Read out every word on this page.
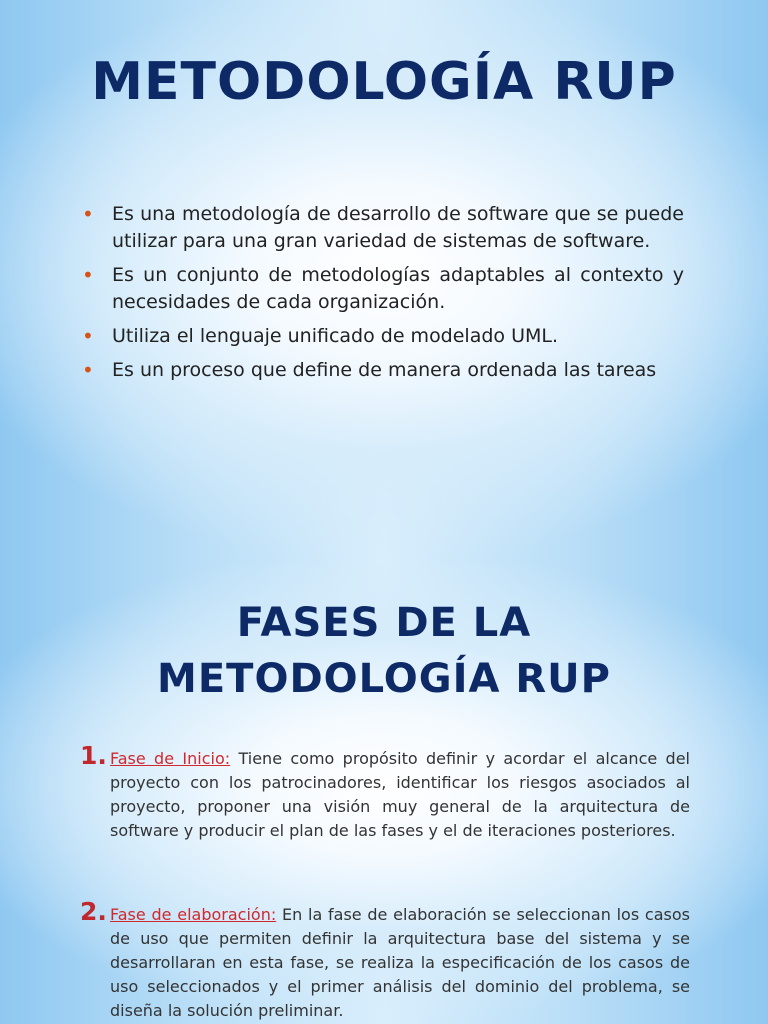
METODOLOGÍA RUP
• Es una metodología de desarrollo de software que se puede utilizar para una gran variedad de sistemas de software.
• Es un conjunto de metodologías adaptables al contexto y necesidades de cada organización.
• Utiliza el lenguaje unificado de modelado UML.
• Es un proceso que define de manera ordenada las tareas
FASES DE LA
METODOLOGÍA RUP
1. Fase de Inicio: Tiene como propósito definir y acordar el alcance del proyecto con los patrocinadores, identificar los riesgos asociados al proyecto, proponer una visión muy general de la arquitectura de software y producir el plan de las fases y el de iteraciones posteriores.
2. Fase de elaboración: En la fase de elaboración se seleccionan los casos de uso que permiten definir la arquitectura base del sistema y se desarrollaran en esta fase, se realiza la especificación de los casos de uso seleccionados y el primer análisis del dominio del problema, se diseña la solución preliminar.
